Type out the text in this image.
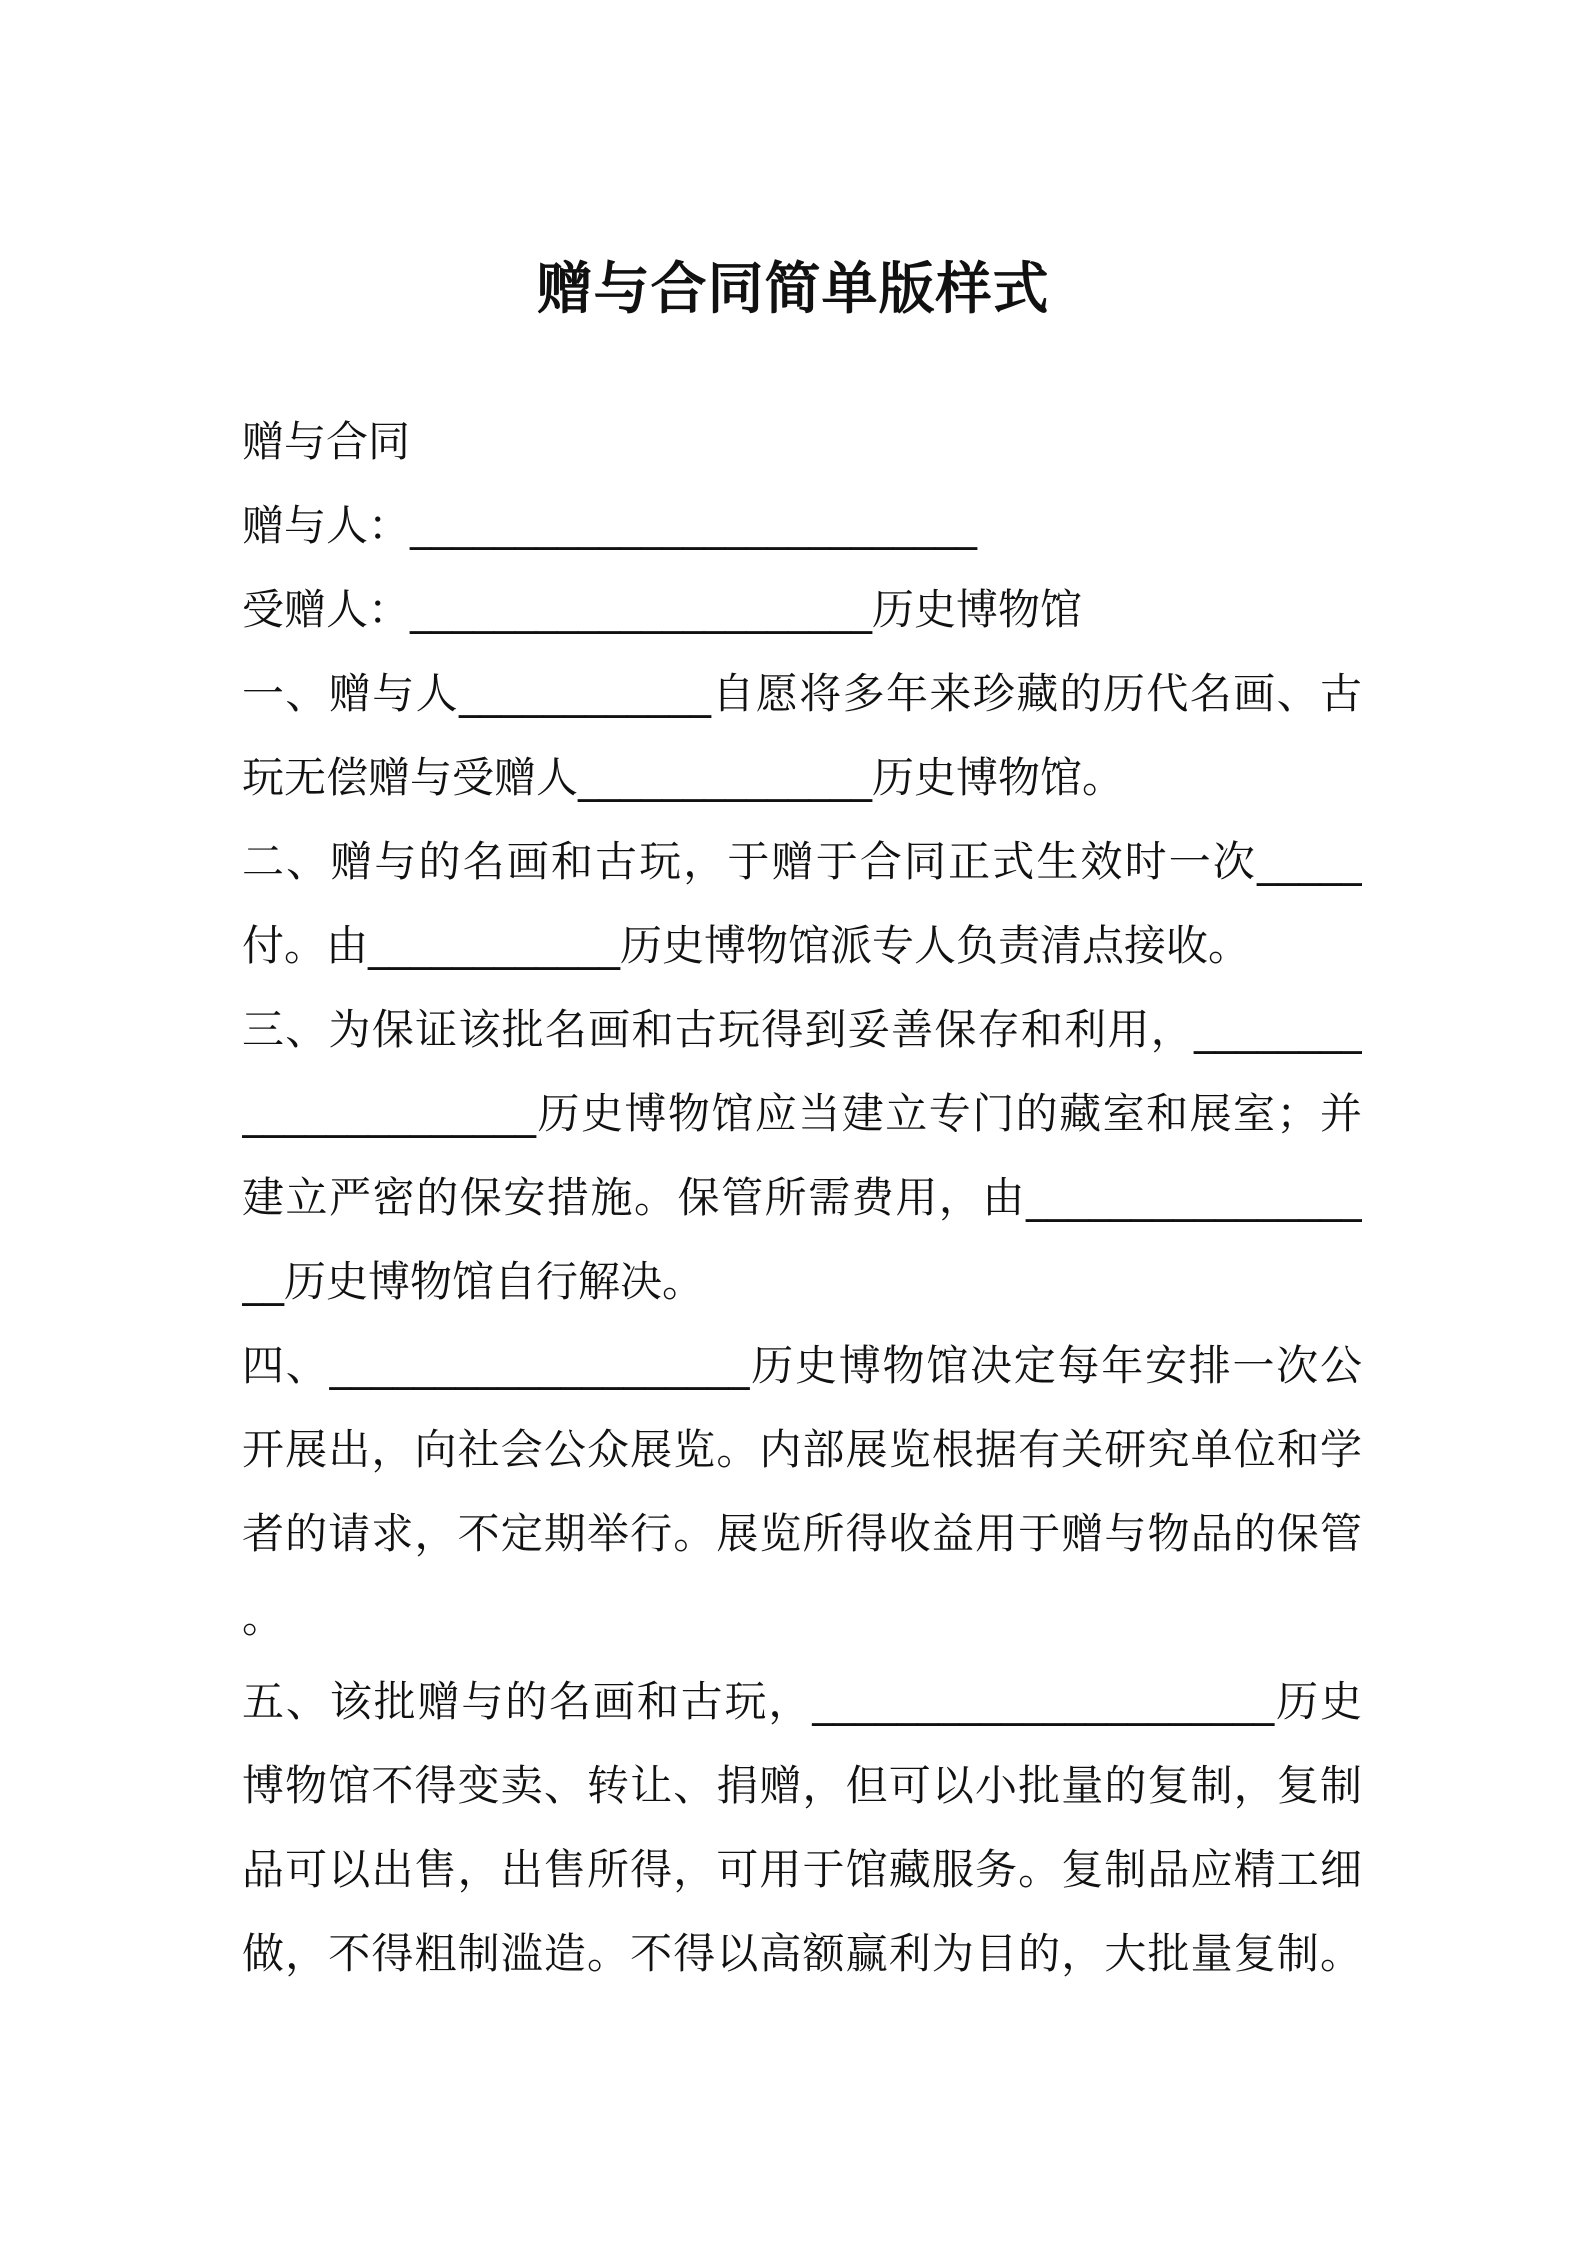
赠与合同简单版样式
赠与合同
赠与人：___________________________
受赠人：______________________历史博物馆
一、赠与人____________自愿将多年来珍藏的历代名画、古
玩无偿赠与受赠人______________历史博物馆。
二、赠与的名画和古玩，于赠于合同正式生效时一次_____
付。由____________历史博物馆派专人负责清点接收。
三、为保证该批名画和古玩得到妥善保存和利用，________
______________历史博物馆应当建立专门的藏室和展室；并
建立严密的保安措施。保管所需费用，由________________
__历史博物馆自行解决。
四、____________________历史博物馆决定每年安排一次公
开展出，向社会公众展览。内部展览根据有关研究单位和学
者的请求，不定期举行。展览所得收益用于赠与物品的保管
。
五、该批赠与的名画和古玩，______________________历史
博物馆不得变卖、转让、捐赠，但可以小批量的复制，复制
品可以出售，出售所得，可用于馆藏服务。复制品应精工细
做，不得粗制滥造。不得以高额赢利为目的，大批量复制。
